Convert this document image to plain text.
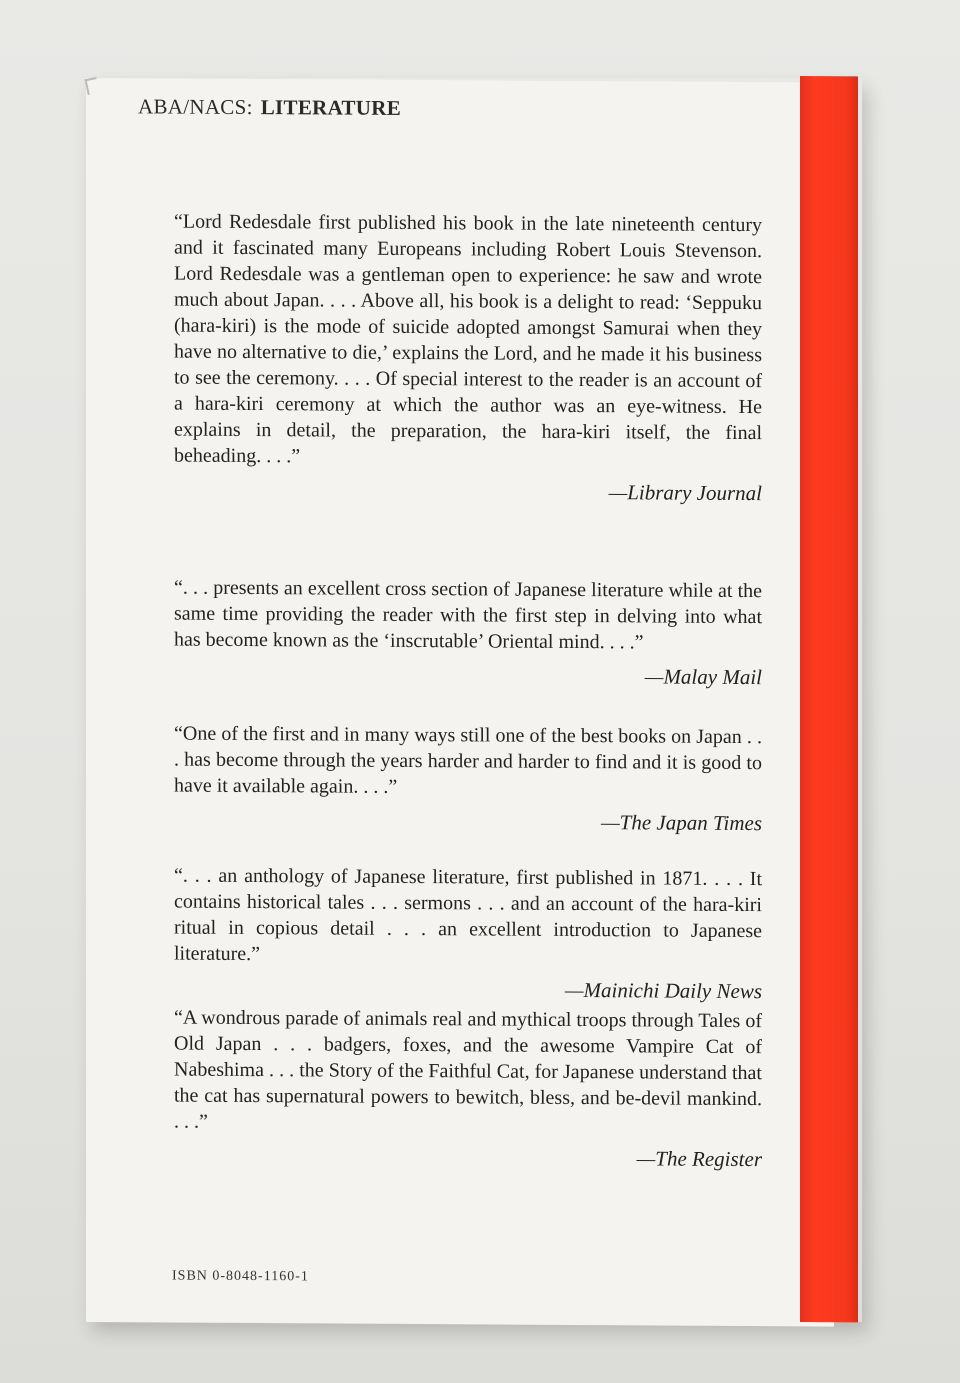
ABA/NACS: LITERATURE

“Lord Redesdale first published his book in the late nineteenth century and it fascinated many Europeans including Robert Louis Stevenson. Lord Redesdale was a gentleman open to experience: he saw and wrote much about Japan. . . . Above all, his book is a delight to read: ‘Seppuku (hara-kiri) is the mode of suicide adopted amongst Samurai when they have no alternative to die,’ explains the Lord, and he made it his business to see the ceremony. . . . Of special interest to the reader is an account of a hara-kiri ceremony at which the author was an eye-witness. He explains in detail, the preparation, the hara-kiri itself, the final beheading. . . .”

—Library Journal

“. . . presents an excellent cross section of Japanese literature while at the same time providing the reader with the first step in delving into what has become known as the ‘inscrutable’ Oriental mind. . . .”

—Malay Mail

“One of the first and in many ways still one of the best books on Japan . . . has become through the years harder and harder to find and it is good to have it available again. . . .”

—The Japan Times

“. . . an anthology of Japanese literature, first published in 1871. . . . It contains historical tales . . . sermons . . . and an account of the hara-kiri ritual in copious detail . . . an excellent introduction to Japanese literature.”

—Mainichi Daily News

“A wondrous parade of animals real and mythical troops through Tales of Old Japan . . . badgers, foxes, and the awesome Vampire Cat of Nabeshima . . . the Story of the Faithful Cat, for Japanese understand that the cat has supernatural powers to bewitch, bless, and be-devil mankind. . . .”

—The Register
ISBN 0-8048-1160-1
